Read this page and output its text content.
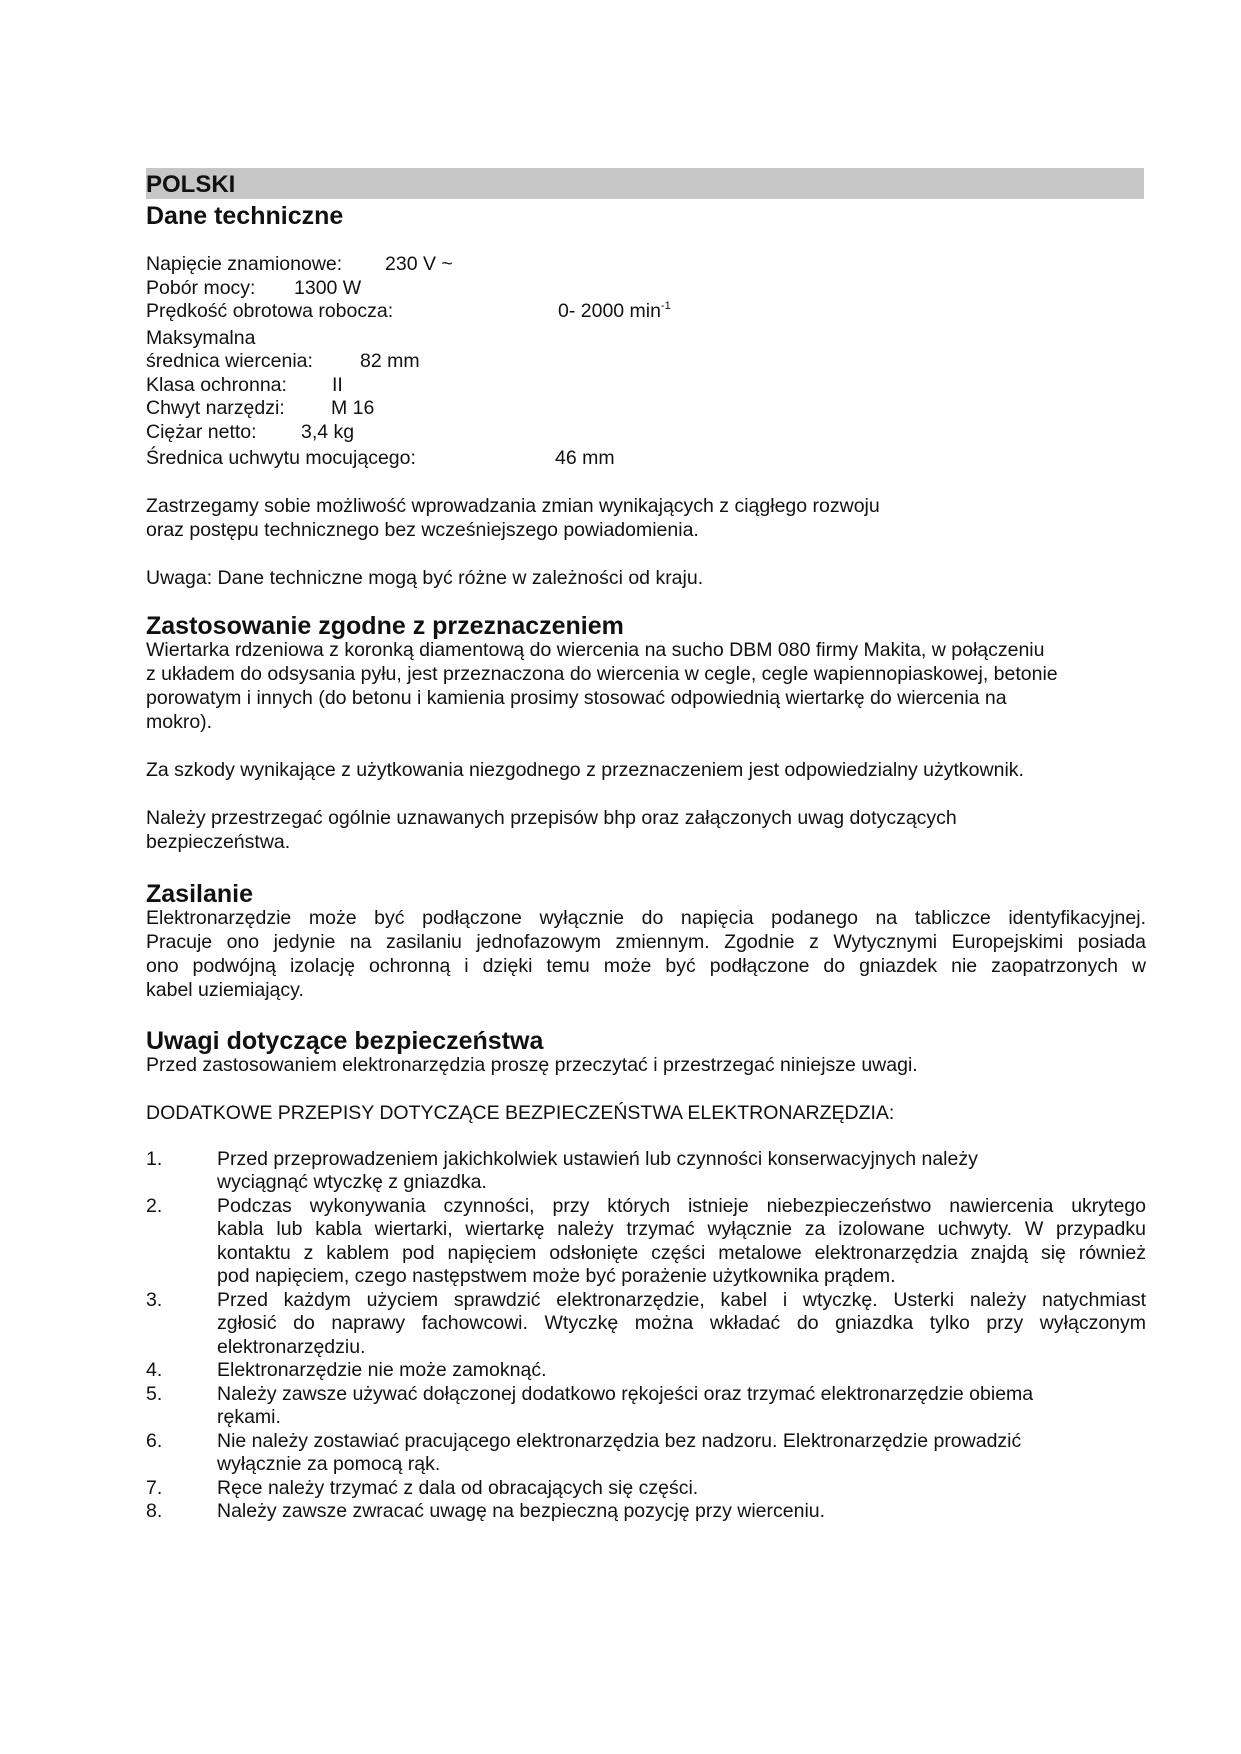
POLSKI
Dane techniczne
Napięcie znamionowe: 230 V ~
Pobór mocy: 1300 W
Prędkość obrotowa robocza:	0- 2000 $\min^{-1}$
Maksymalna
średnica wiercenia: 82 mm
Klasa ochronna: II
Chwyt narzędzi: M 16
Ciężar netto: 3,4 kg
Średnica uchwytu mocującego:	46 mm

Zastrzegamy sobie możliwość wprowadzania zmian wynikających z ciągłego rozwoju

oraz postępu technicznego bez wcześniejszego powiadomienia.

Uwaga: Dane techniczne mogą być różne w zależności od kraju.

Zastosowanie zgodne z przeznaczeniem

Wiertarka rdzeniowa z koronką diamentową do wiercenia na sucho DBM 080 firmy Makita, w połączeniu

z układem do odsysania pyłu, jest przeznaczona do wiercenia w cegle, cegle wapiennopiaskowej, betonie

porowatym i innych (do betonu i kamienia prosimy stosować odpowiednią wiertarkę do wiercenia na

mokro).

Za szkody wynikające z użytkowania niezgodnego z przeznaczeniem jest odpowiedzialny użytkownik.

Należy przestrzegać ogólnie uznawanych przepisów bhp oraz załączonych uwag dotyczących

bezpieczeństwa.

Zasilanie

Elektronarzędzie może być podłączone wyłącznie do napięcia podanego na tabliczce identyfikacyjnej.

Pracuje ono jedynie na zasilaniu jednofazowym zmiennym. Zgodnie z Wytycznymi Europejskimi posiada

ono podwójną izolację ochronną i dzięki temu może być podłączone do gniazdek nie zaopatrzonych w

kabel uziemiający.

Uwagi dotyczące bezpieczeństwa

Przed zastosowaniem elektronarzędzia proszę przeczytać i przestrzegać niniejsze uwagi.

DODATKOWE PRZEPISY DOTYCZĄCE BEZPIECZEŃSTWA ELEKTRONARZĘDZIA:

1.	Przed przeprowadzeniem jakichkolwiek ustawień lub czynności konserwacyjnych należy
wyciągnąć wtyczkę z gniazdka.
2.	Podczas wykonywania czynności, przy których istnieje niebezpieczeństwo nawiercenia ukrytego
kabla lub kabla wiertarki, wiertarkę należy trzymać wyłącznie za izolowane uchwyty. W przypadku
kontaktu z kablem pod napięciem odsłonięte części metalowe elektronarzędzia znajdą się również
pod napięciem, czego następstwem może być porażenie użytkownika prądem.
3.	Przed każdym użyciem sprawdzić elektronarzędzie, kabel i wtyczkę. Usterki należy natychmiast
zgłosić do naprawy fachowcowi. Wtyczkę można wkładać do gniazdka tylko przy wyłączonym
elektronarzędziu.
4.	Elektronarzędzie nie może zamoknąć.
5.	Należy zawsze używać dołączonej dodatkowo rękojeści oraz trzymać elektronarzędzie obiema
rękami.
6.	Nie należy zostawiać pracującego elektronarzędzia bez nadzoru. Elektronarzędzie prowadzić
wyłącznie za pomocą rąk.
7.	Ręce należy trzymać z dala od obracających się części.
8.	Należy zawsze zwracać uwagę na bezpieczną pozycję przy wierceniu.
